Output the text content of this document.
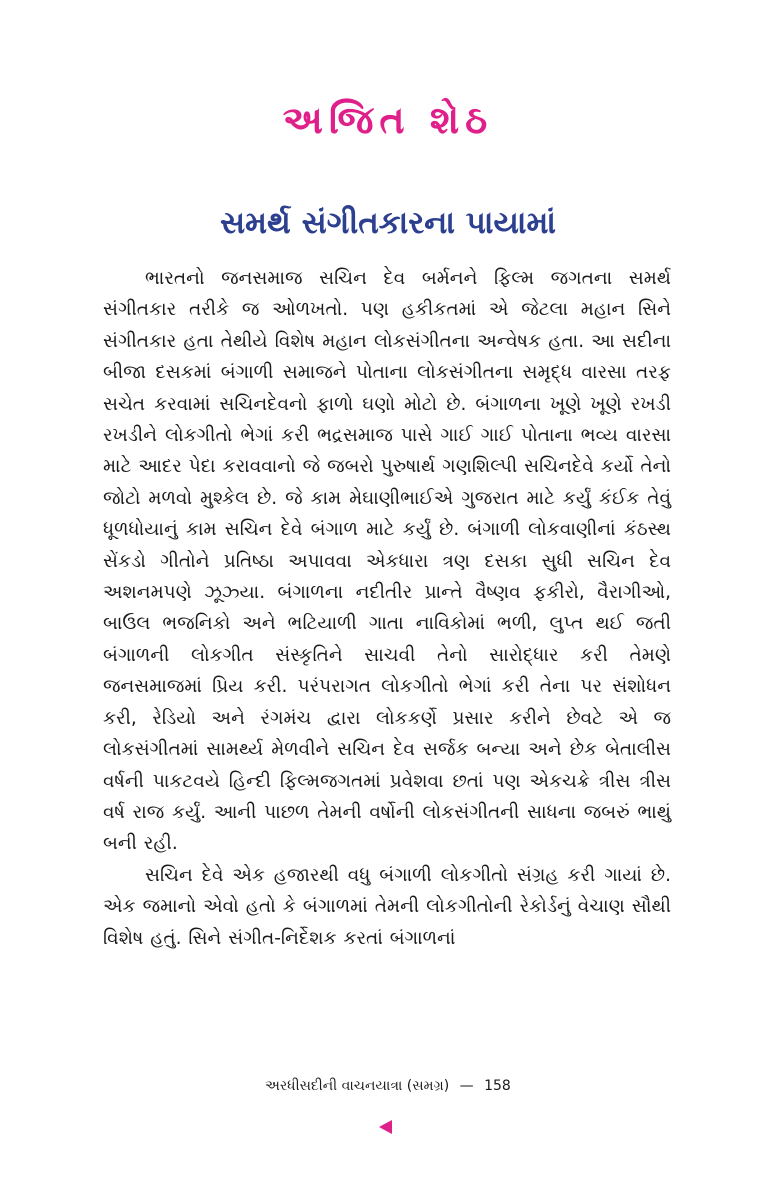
અજિત શેઠ
સમર્થ સંગીતકારના પાયામાં

ભારતનો જનસમાજ સચિન દેવ બર્મનને ફિલ્મ જગતના સમર્થ સંગીતકાર તરીકે જ ઓળખતો. પણ હકીકતમાં એ જેટલા મહાન સિને સંગીતકાર હતા તેથીયે વિશેષ મહાન લોકસંગીતના અન્વેષક હતા. આ સદીના બીજા દસકમાં બંગાળી સમાજને પોતાના લોકસંગીતના સમૃદ્ધ વારસા તરફ સચેત કરવામાં સચિનદેવનો ફાળો ઘણો મોટો છે. બંગાળના ખૂણે ખૂણે રખડી રખડીને લોકગીતો ભેગાં કરી ભદ્રસમાજ પાસે ગાઈ ગાઈ પોતાના ભવ્ય વારસા માટે આદર પેદા કરાવવાનો જે જબરો પુરુષાર્થ ગણશિલ્પી સચિનદેવે કર્યો તેનો જોટો મળવો મુશ્કેલ છે. જે કામ મેઘાણીભાઈએ ગુજરાત માટે કર્યું કંઈક તેવું ધૂળધોયાનું કામ સચિન દેવે બંગાળ માટે કર્યું છે. બંગાળી લોકવાણીનાં કંઠસ્થ સેંકડો ગીતોને પ્રતિષ્ઠા અપાવવા એકધારા ત્રણ દસકા સુધી સચિન દેવ અશનમપણે ઝૂઝ્યા. બંગાળના નદીતીર પ્રાન્તે વૈષ્ણવ ફકીરો, વૈરાગીઓ, બાઉલ ભજનિકો અને ભટિયાળી ગાતા નાવિકોમાં ભળી, લુપ્ત થઈ જતી બંગાળની લોકગીત સંસ્કૃતિને સાચવી તેનો સારોદ્ધાર કરી તેમણે જનસમાજમાં પ્રિય કરી. પરંપરાગત લોકગીતો ભેગાં કરી તેના પર સંશોધન કરી, રેડિયો અને રંગમંચ દ્વારા લોકકર્ણે પ્રસાર કરીને છેવટે એ જ લોકસંગીતમાં સામર્થ્ય મેળવીને સચિન દેવ સર્જક બન્યા અને છેક બેતાલીસ વર્ષની પાકટવયે હિન્દી ફિલ્મજગતમાં પ્રવેશવા છતાં પણ એકચક્રે ત્રીસ ત્રીસ વર્ષ રાજ કર્યું. આની પાછળ તેમની વર્ષોની લોકસંગીતની સાધના જબરું ભાથું બની રહી.

સચિન દેવે એક હજારથી વધુ બંગાળી લોકગીતો સંગ્રહ કરી ગાયાં છે. એક જમાનો એવો હતો કે બંગાળમાં તેમની લોકગીતોની રેકોર્ડનું વેચાણ સૌથી વિશેષ હતું. સિને સંગીત-નિર્દેશક કરતાં બંગાળનાં

અરધીસદીની વાચનયાત્રા (સમગ્ર) — 158
